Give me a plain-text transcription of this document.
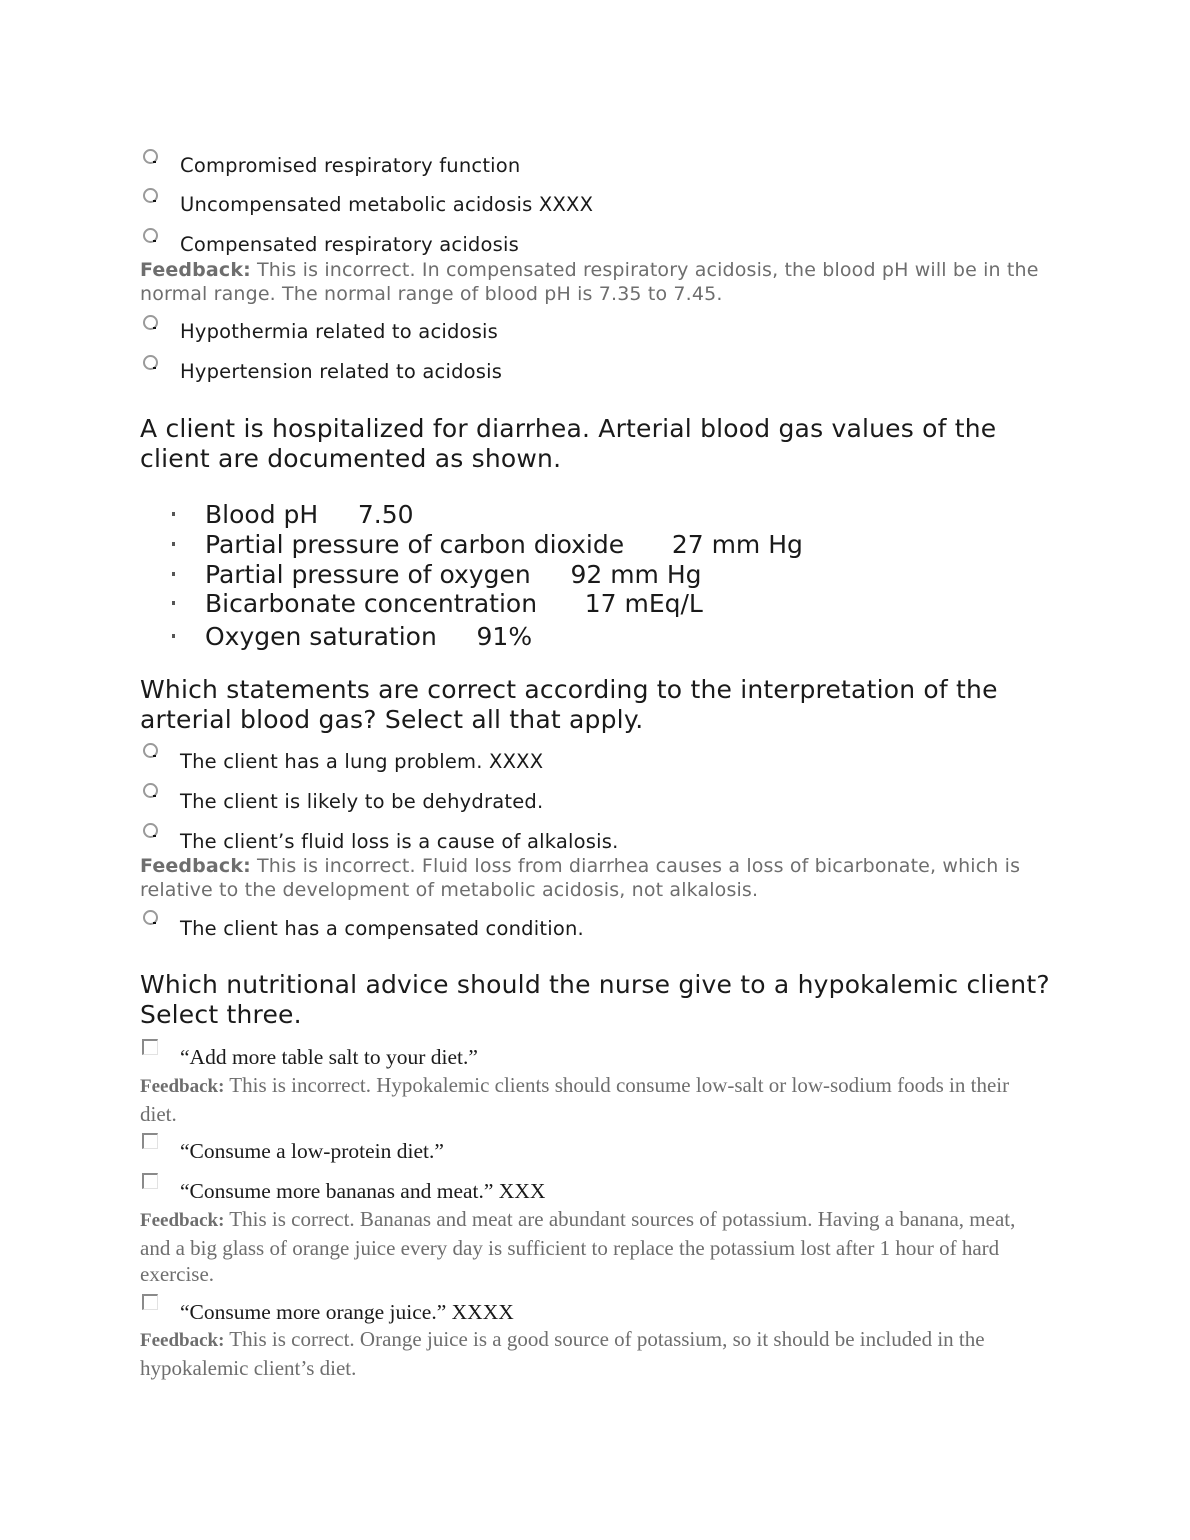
Compromised respiratory function
Uncompensated metabolic acidosis XXXX
Compensated respiratory acidosis
Feedback: This is incorrect. In compensated respiratory acidosis, the blood pH will be in the normal range. The normal range of blood pH is 7.35 to 7.45.
Hypothermia related to acidosis
Hypertension related to acidosis
A client is hospitalized for diarrhea. Arterial blood gas values of the client are documented as shown.
Blood pH 7.50
Partial pressure of carbon dioxide 27 mm Hg
Partial pressure of oxygen 92 mm Hg
Bicarbonate concentration 17 mEq/L
Oxygen saturation 91%
Which statements are correct according to the interpretation of the arterial blood gas? Select all that apply.
The client has a lung problem. XXXX
The client is likely to be dehydrated.
The client’s fluid loss is a cause of alkalosis.
Feedback: This is incorrect. Fluid loss from diarrhea causes a loss of bicarbonate, which is relative to the development of metabolic acidosis, not alkalosis.
The client has a compensated condition.
Which nutritional advice should the nurse give to a hypokalemic client? Select three.
“Add more table salt to your diet.”
Feedback: This is incorrect. Hypokalemic clients should consume low-salt or low-sodium foods in their diet.
“Consume a low-protein diet.”
“Consume more bananas and meat.” XXX
Feedback: This is correct. Bananas and meat are abundant sources of potassium. Having a banana, meat, and a big glass of orange juice every day is sufficient to replace the potassium lost after 1 hour of hard exercise.
“Consume more orange juice.” XXXX
Feedback: This is correct. Orange juice is a good source of potassium, so it should be included in the hypokalemic client’s diet.
